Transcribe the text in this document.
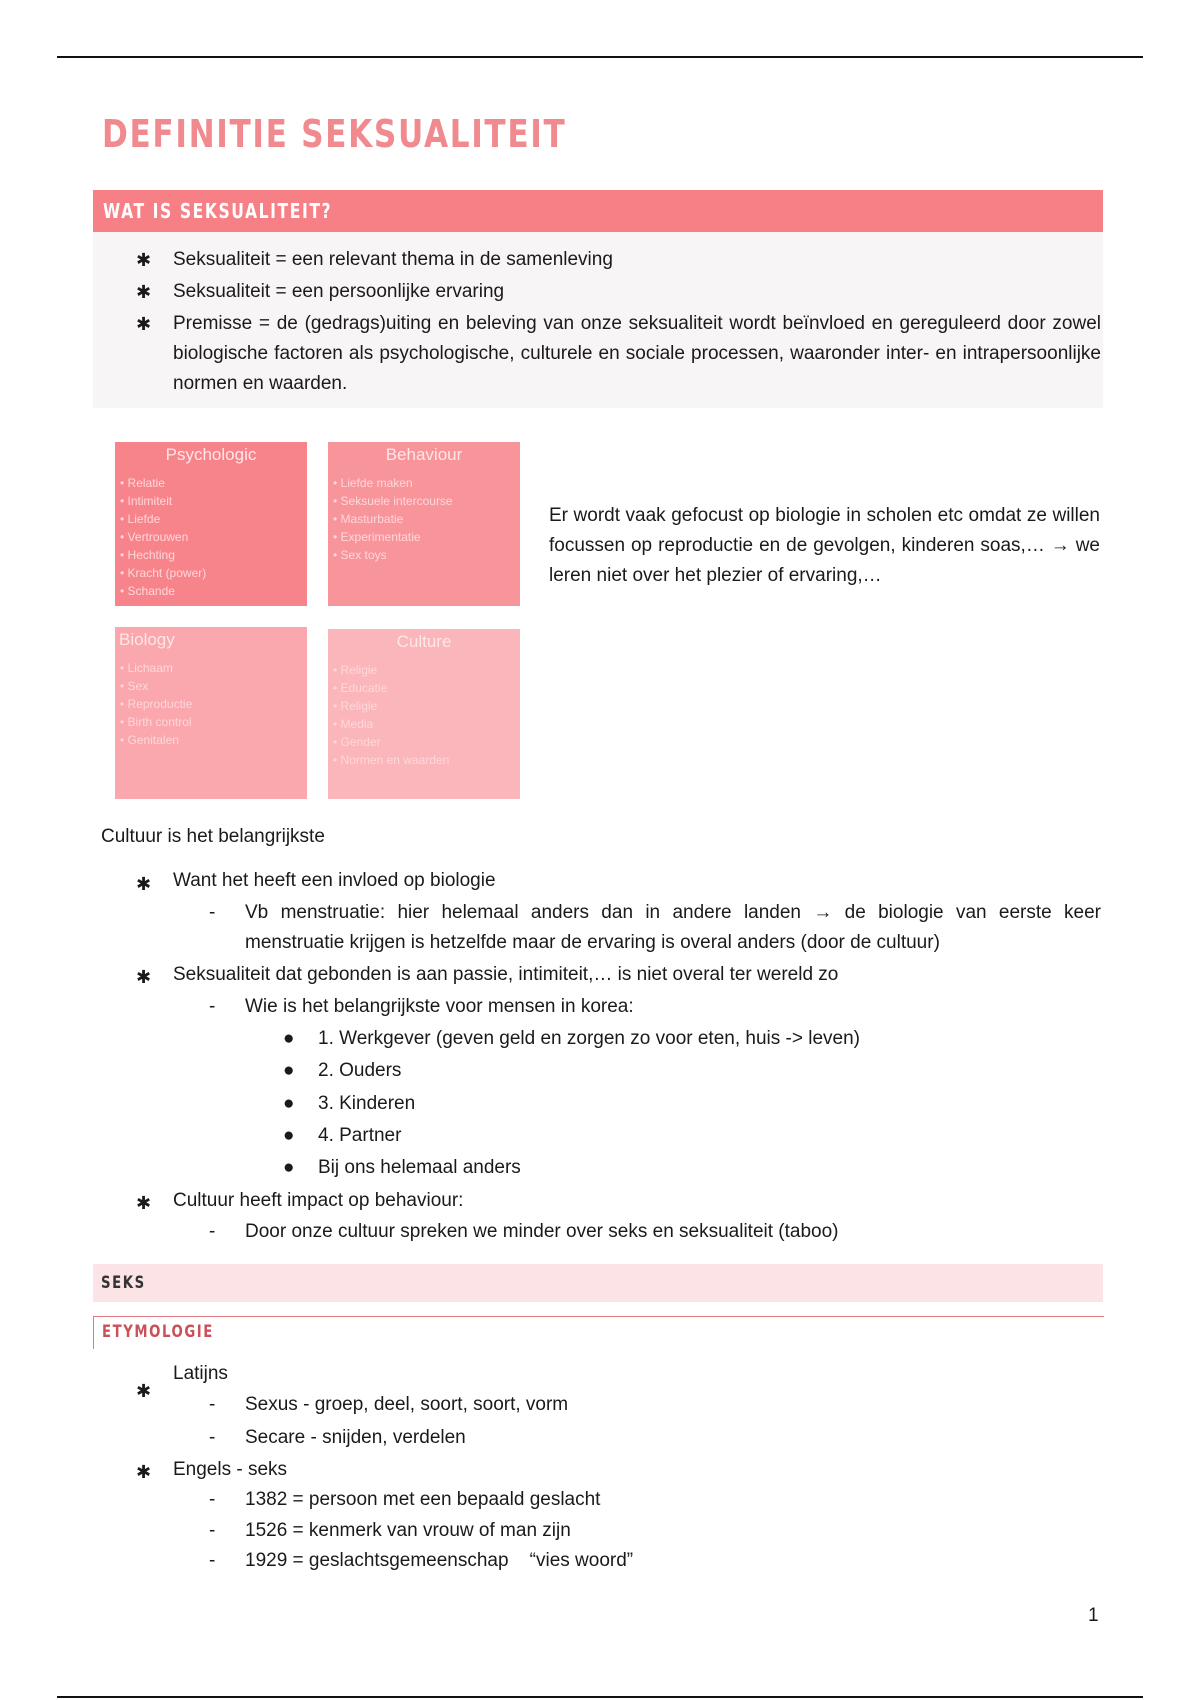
DEFINITIE SEKSUALITEIT
WAT IS SEKSUALITEIT?
✱ Seksualiteit = een relevant thema in de samenleving
✱ Seksualiteit = een persoonlijke ervaring
✱ Premisse = de (gedrags)uiting en beleving van onze seksualiteit wordt beïnvloed en gereguleerd door zowel biologische factoren als psychologische, culturele en sociale processen, waaronder inter- en intrapersoonlijke normen en waarden.
Psychologic
• Relatie
• Intimiteit
• Liefde
• Vertrouwen
• Hechting
• Kracht (power)
• Schande
Behaviour
• Liefde maken
• Seksuele intercourse
• Masturbatie
• Experimentatie
• Sex toys
Biology
• Lichaam
• Sex
• Reproductie
• Birth control
• Genitalen
Culture
• Religie
• Educatie
• Religie
• Media
• Gender
• Normen en waarden
Er wordt vaak gefocust op biologie in scholen etc omdat ze willen focussen op reproductie en de gevolgen, kinderen soas,… → we leren niet over het plezier of ervaring,…
Cultuur is het belangrijkste
✱ Want het heeft een invloed op biologie
- Vb menstruatie: hier helemaal anders dan in andere landen → de biologie van eerste keer menstruatie krijgen is hetzelfde maar de ervaring is overal anders (door de cultuur)
✱ Seksualiteit dat gebonden is aan passie, intimiteit,… is niet overal ter wereld zo
- Wie is het belangrijkste voor mensen in korea:
● 1. Werkgever (geven geld en zorgen zo voor eten, huis -> leven)
● 2. Ouders
● 3. Kinderen
● 4. Partner
● Bij ons helemaal anders
✱ Cultuur heeft impact op behaviour:
- Door onze cultuur spreken we minder over seks en seksualiteit (taboo)
SEKS
ETYMOLOGIE
✱
Latijns
- Sexus - groep, deel, soort, soort, vorm
- Secare - snijden, verdelen
✱ Engels - seks
- 1382 = persoon met een bepaald geslacht
- 1526 = kenmerk van vrouw of man zijn
- 1929 = geslachtsgemeenschap    “vies woord”
1
